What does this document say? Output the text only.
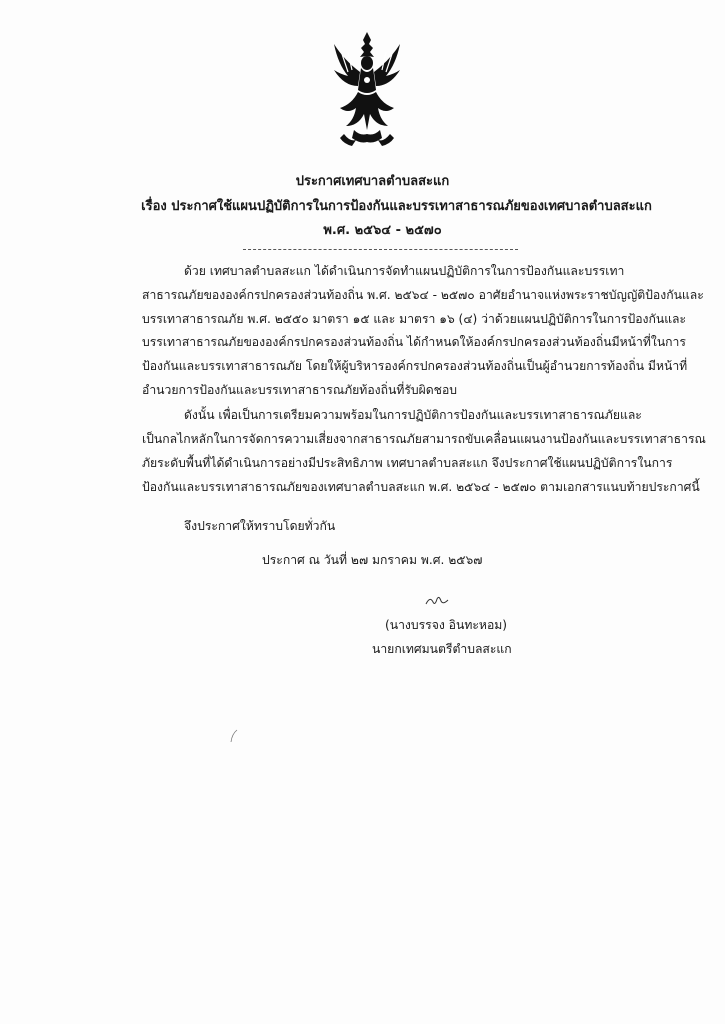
ประกาศเทศบาลตำบลสะแก
เรื่อง ประกาศใช้แผนปฏิบัติการในการป้องกันและบรรเทาสาธารณภัยของเทศบาลตำบลสะแก
พ.ศ. ๒๕๖๔ - ๒๕๗๐
ด้วย เทศบาลตำบลสะแก ได้ดำเนินการจัดทำแผนปฏิบัติการในการป้องกันและบรรเทา
สาธารณภัยขององค์กรปกครองส่วนท้องถิ่น พ.ศ. ๒๕๖๔ - ๒๕๗๐ อาศัยอำนาจแห่งพระราชบัญญัติป้องกันและ
บรรเทาสาธารณภัย พ.ศ. ๒๕๕๐ มาตรา ๑๕ และ มาตรา ๑๖ (๔) ว่าด้วยแผนปฏิบัติการในการป้องกันและ
บรรเทาสาธารณภัยขององค์กรปกครองส่วนท้องถิ่น ได้กำหนดให้องค์กรปกครองส่วนท้องถิ่นมีหน้าที่ในการ
ป้องกันและบรรเทาสาธารณภัย โดยให้ผู้บริหารองค์กรปกครองส่วนท้องถิ่นเป็นผู้อำนวยการท้องถิ่น มีหน้าที่
อำนวยการป้องกันและบรรเทาสาธารณภัยท้องถิ่นที่รับผิดชอบ
ดังนั้น เพื่อเป็นการเตรียมความพร้อมในการปฏิบัติการป้องกันและบรรเทาสาธารณภัยและ
เป็นกลไกหลักในการจัดการความเสี่ยงจากสาธารณภัยสามารถขับเคลื่อนแผนงานป้องกันและบรรเทาสาธารณ
ภัยระดับพื้นที่ได้ดำเนินการอย่างมีประสิทธิภาพ เทศบาลตำบลสะแก จึงประกาศใช้แผนปฏิบัติการในการ
ป้องกันและบรรเทาสาธารณภัยของเทศบาลตำบลสะแก พ.ศ. ๒๕๖๔ - ๒๕๗๐ ตามเอกสารแนบท้ายประกาศนี้
จึงประกาศให้ทราบโดยทั่วกัน
ประกาศ ณ วันที่ ๒๗ มกราคม พ.ศ. ๒๕๖๗
(นางบรรจง อินทะหอม)
นายกเทศมนตรีตำบลสะแก
